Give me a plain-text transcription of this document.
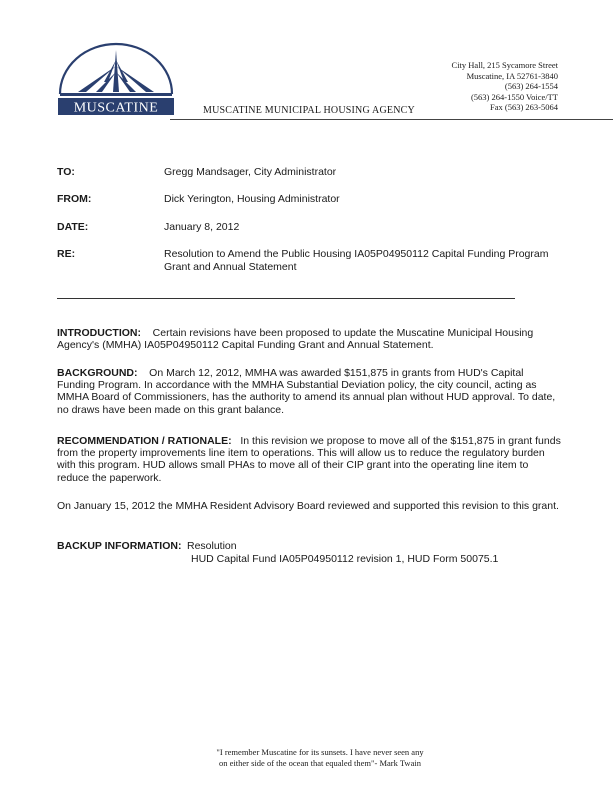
MUSCATINE	MUSCATINE MUNICIPAL HOUSING AGENCY
City Hall, 215 Sycamore Street
Muscatine, IA 52761-3840
(563) 264-1554
(563) 264-1550 Voice/TT
Fax (563) 263-5064
TO:	Gregg Mandsager, City Administrator
FROM:	Dick Yerington, Housing Administrator
DATE:	January 8, 2012
RE:	Resolution to Amend the Public Housing IA05P04950112 Capital Funding Program Grant and Annual Statement
INTRODUCTION: Certain revisions have been proposed to update the Muscatine Municipal Housing Agency's (MMHA) IA05P04950112 Capital Funding Grant and Annual Statement.
BACKGROUND: On March 12, 2012, MMHA was awarded $151,875 in grants from HUD's Capital Funding Program. In accordance with the MMHA Substantial Deviation policy, the city council, acting as MMHA Board of Commissioners, has the authority to amend its annual plan without HUD approval. To date, no draws have been made on this grant balance.
RECOMMENDATION / RATIONALE: In this revision we propose to move all of the $151,875 in grant funds from the property improvements line item to operations. This will allow us to reduce the regulatory burden with this program. HUD allows small PHAs to move all of their CIP grant into the operating line item to reduce the paperwork.
On January 15, 2012 the MMHA Resident Advisory Board reviewed and supported this revision to this grant.
BACKUP INFORMATION: Resolution
HUD Capital Fund IA05P04950112 revision 1, HUD Form 50075.1
"I remember Muscatine for its sunsets. I have never seen any
on either side of the ocean that equaled them"- Mark Twain
